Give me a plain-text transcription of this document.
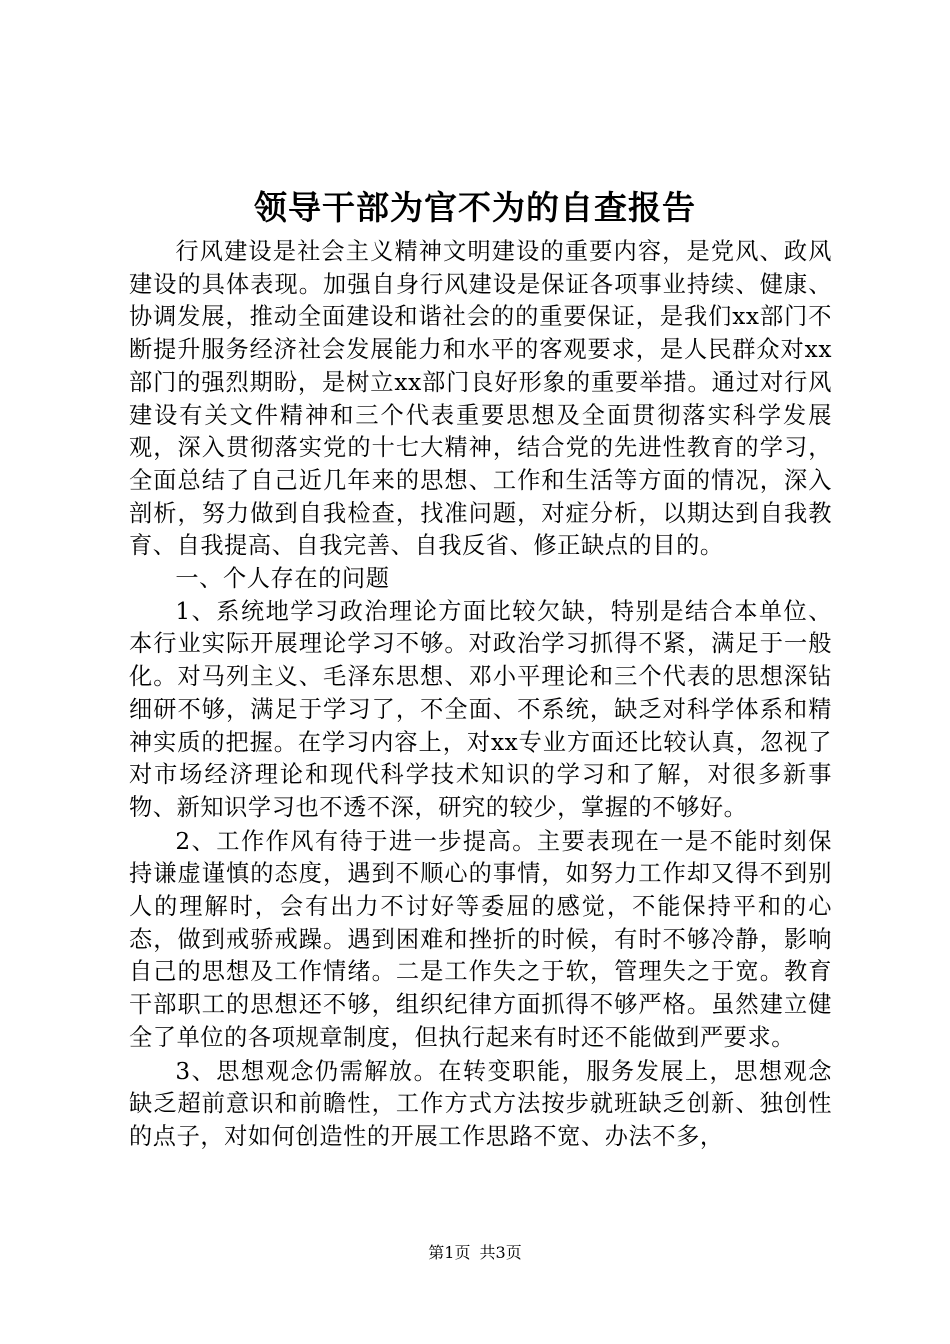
领导干部为官不为的自查报告

行风建设是社会主义精神文明建设的重要内容，是党风、政风建设的具体表现。加强自身行风建设是保证各项事业持续、健康、协调发展，推动全面建设和谐社会的的重要保证，是我们xx部门不断提升服务经济社会发展能力和水平的客观要求，是人民群众对xx部门的强烈期盼，是树立xx部门良好形象的重要举措。通过对行风建设有关文件精神和三个代表重要思想及全面贯彻落实科学发展观，深入贯彻落实党的十七大精神，结合党的先进性教育的学习，全面总结了自己近几年来的思想、工作和生活等方面的情况，深入剖析，努力做到自我检查，找准问题，对症分析，以期达到自我教育、自我提高、自我完善、自我反省、修正缺点的目的。

一、个人存在的问题

1、系统地学习政治理论方面比较欠缺，特别是结合本单位、本行业实际开展理论学习不够。对政治学习抓得不紧，满足于一般化。对马列主义、毛泽东思想、邓小平理论和三个代表的思想深钻细研不够，满足于学习了，不全面、不系统，缺乏对科学体系和精神实质的把握。在学习内容上，对xx专业方面还比较认真，忽视了对市场经济理论和现代科学技术知识的学习和了解，对很多新事物、新知识学习也不透不深，研究的较少，掌握的不够好。

2、工作作风有待于进一步提高。主要表现在一是不能时刻保持谦虚谨慎的态度，遇到不顺心的事情，如努力工作却又得不到别人的理解时，会有出力不讨好等委屈的感觉，不能保持平和的心态，做到戒骄戒躁。遇到困难和挫折的时候，有时不够冷静，影响自己的思想及工作情绪。二是工作失之于软，管理失之于宽。教育干部职工的思想还不够，组织纪律方面抓得不够严格。虽然建立健全了单位的各项规章制度，但执行起来有时还不能做到严要求。

3、思想观念仍需解放。在转变职能，服务发展上，思想观念缺乏超前意识和前瞻性，工作方式方法按步就班缺乏创新、独创性的点子，对如何创造性的开展工作思路不宽、办法不多，

第1页 共3页
